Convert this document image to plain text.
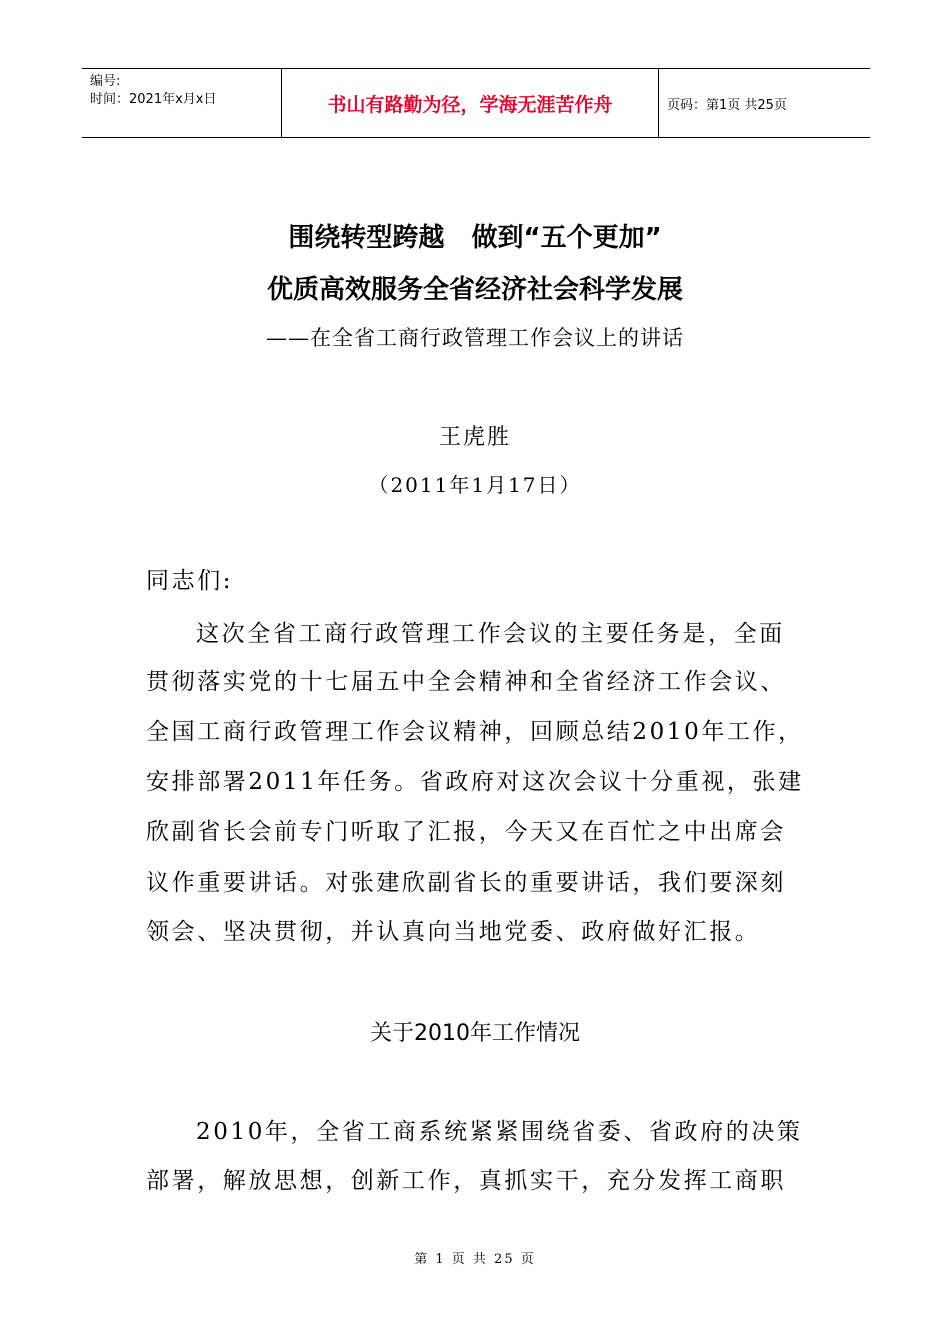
编号:
时间：2021年x月x日	书山有路勤为径，学海无涯苦作舟	页码：第1页 共25页
围绕转型跨越   做到“五个更加”
优质高效服务全省经济社会科学发展
——在全省工商行政管理工作会议上的讲话
王虎胜
（2011年1月17日）
同志们:
这次全省工商行政管理工作会议的主要任务是，全面
贯彻落实党的十七届五中全会精神和全省经济工作会议、
全国工商行政管理工作会议精神，回顾总结2010年工作，
安排部署2011年任务。省政府对这次会议十分重视，张建
欣副省长会前专门听取了汇报，今天又在百忙之中出席会
议作重要讲话。对张建欣副省长的重要讲话，我们要深刻
领会、坚决贯彻，并认真向当地党委、政府做好汇报。
关于2010年工作情况
2010年，全省工商系统紧紧围绕省委、省政府的决策
部署，解放思想，创新工作，真抓实干，充分发挥工商职
第 1 页 共 25 页
